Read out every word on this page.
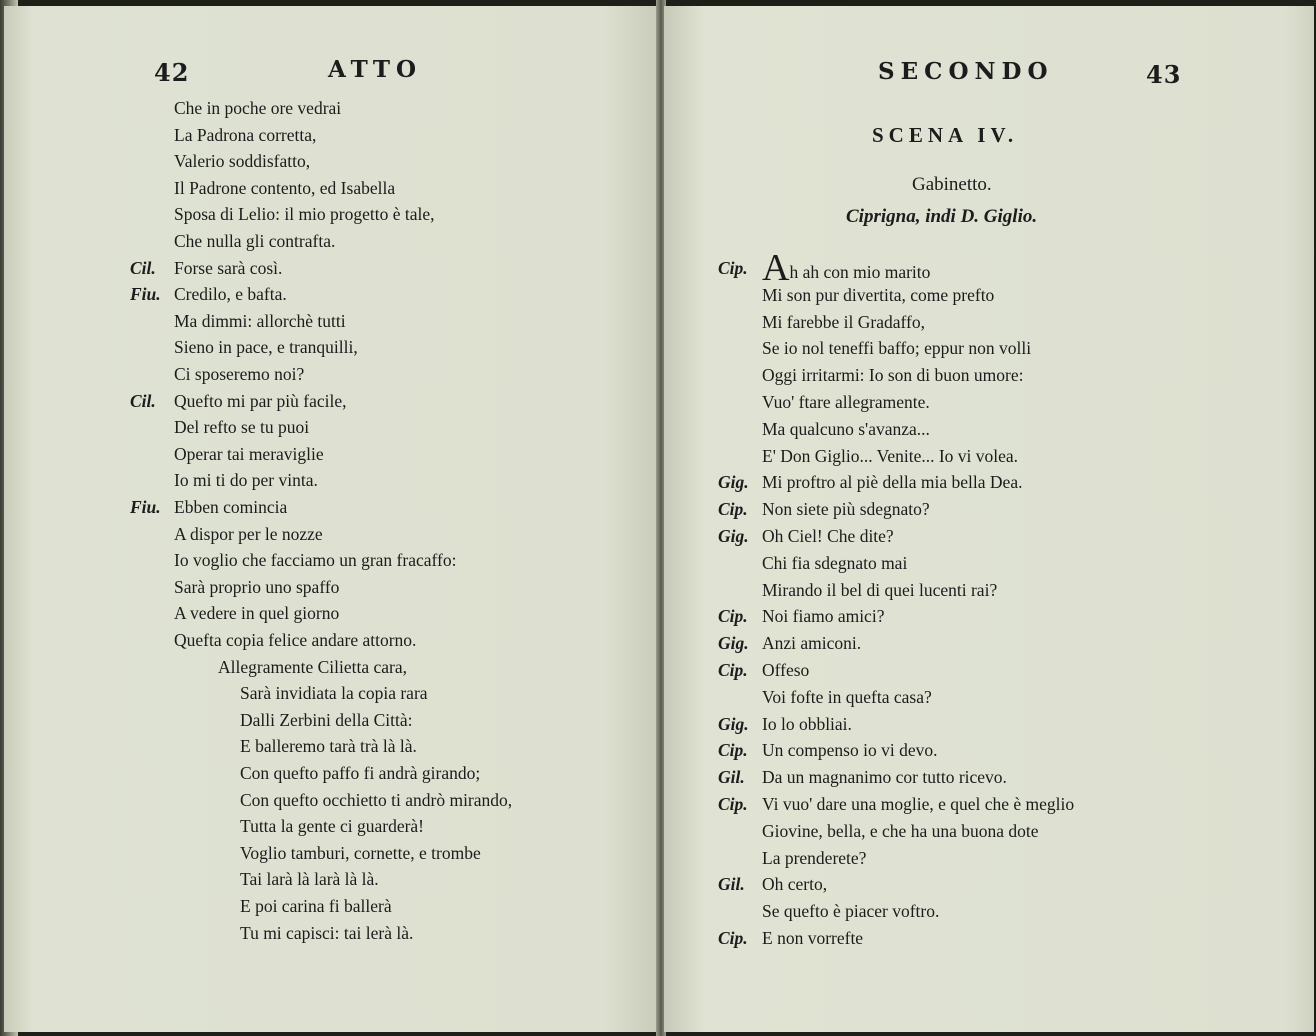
42	ATTO
Che in poche ore vedrai
La Padrona corretta,
Valerio soddisfatto,
Il Padrone contento, ed Isabella
Sposa di Lelio: il mio progetto è tale,
Che nulla gli contrafta.
Cil. Forse sarà così.
Fiu. Credilo, e bafta.
Ma dimmi: allorchè tutti
Sieno in pace, e tranquilli,
Ci sposeremo noi?
Cil. Quefto mi par più facile,
Del refto se tu puoi
Operar tai meraviglie
Io mi ti do per vinta.
Fiu. Ebben comincia
A dispor per le nozze
Io voglio che facciamo un gran fracaffo:
Sarà proprio uno spaffo
A vedere in quel giorno
Quefta copia felice andare attorno.
Allegramente Cilietta cara,
Sarà invidiata la copia rara
Dalli Zerbini della Città:
E balleremo tarà trà là là.
Con quefto paffo fi andrà girando;
Con quefto occhietto ti andrò mirando,
Tutta la gente ci guarderà!
Voglio tamburi, cornette, e trombe
Tai larà là larà là là.
E poi carina fi ballerà
Tu mi capisci: tai lerà là.
SECONDO	43
SCENA IV.
Gabinetto.
Ciprigna, indi D. Giglio.
Cip. Ah ah con mio marito
Mi son pur divertita, come prefto
Mi farebbe il Gradaffo,
Se io nol teneffi baffo; eppur non volli
Oggi irritarmi: Io son di buon umore:
Vuo' ftare allegramente.
Ma qualcuno s'avanza...
E' Don Giglio... Venite... Io vi volea.
Gig. Mi proftro al piè della mia bella Dea.
Cip. Non siete più sdegnato?
Gig. Oh Ciel! Che dite?
Chi fia sdegnato mai
Mirando il bel di quei lucenti rai?
Cip. Noi fiamo amici?
Gig. Anzi amiconi.
Cip. Offeso
Voi fofte in quefta casa?
Gig. Io lo obbliai.
Cip. Un compenso io vi devo.
Gil. Da un magnanimo cor tutto ricevo.
Cip. Vi vuo' dare una moglie, e quel che è meglio
Giovine, bella, e che ha una buona dote
La prenderete?
Gil. Oh certo,
Se quefto è piacer voftro.
Cip. E non vorrefte
